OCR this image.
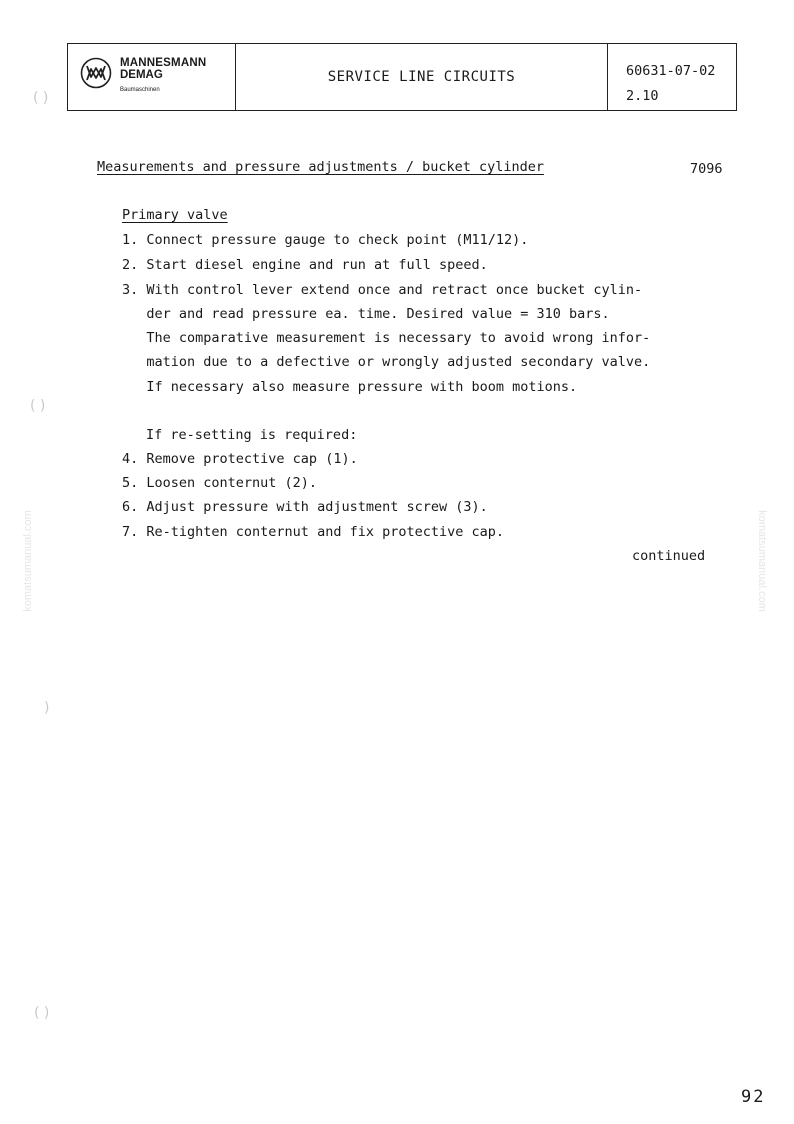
MANNESMANN
DEMAG
Baumaschinen
SERVICE LINE CIRCUITS	60631-07-02
2.10
Measurements and pressure adjustments / bucket cylinder	7096
Primary valve
1. Connect pressure gauge to check point (M11/12).
2. Start diesel engine and run at full speed.
3. With control lever extend once and retract once bucket cylin-
der and read pressure ea. time. Desired value = 310 bars.
The comparative measurement is necessary to avoid wrong infor-
mation due to a defective or wrongly adjusted secondary valve.
If necessary also measure pressure with boom motions.
If re-setting is required:
4. Remove protective cap (1).
5. Loosen conternut (2).
6. Adjust pressure with adjustment screw (3).
7. Re-tighten conternut and fix protective cap.
continued
komatsumanual.com	komatsumanual.com
( )
( )
)
( )
92
